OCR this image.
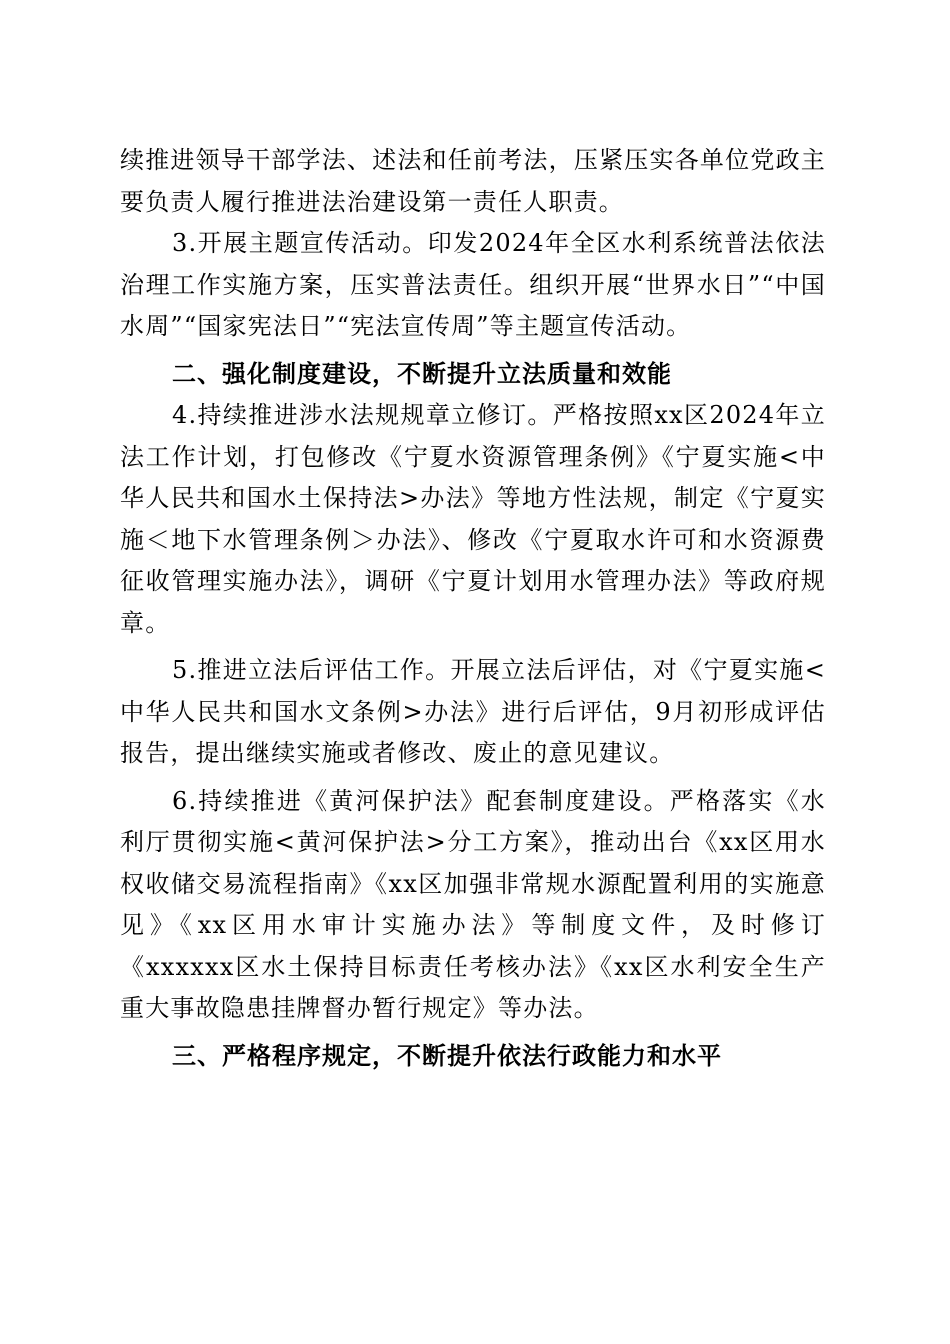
续推进领导干部学法、述法和任前考法，压紧压实各单位党政主要负责人履行推进法治建设第一责任人职责。

3.开展主题宣传活动。印发2024年全区水利系统普法依法治理工作实施方案，压实普法责任。组织开展“世界水日”“中国水周”“国家宪法日”“宪法宣传周”等主题宣传活动。

二、强化制度建设，不断提升立法质量和效能

4.持续推进涉水法规规章立修订。严格按照xx区2024年立法工作计划，打包修改《宁夏水资源管理条例》《宁夏实施<中华人民共和国水土保持法>办法》等地方性法规，制定《宁夏实施＜地下水管理条例＞办法》、修改《宁夏取水许可和水资源费征收管理实施办法》，调研《宁夏计划用水管理办法》等政府规章。

5.推进立法后评估工作。开展立法后评估，对《宁夏实施<中华人民共和国水文条例>办法》进行后评估，9月初形成评估报告，提出继续实施或者修改、废止的意见建议。

6.持续推进《黄河保护法》配套制度建设。严格落实《水利厅贯彻实施<黄河保护法>分工方案》，推动出台《xx区用水权收储交易流程指南》《xx区加强非常规水源配置利用的实施意见》《xx区用水审计实施办法》等制度文件，及时修订《xxxxxx区水土保持目标责任考核办法》《xx区水利安全生产重大事故隐患挂牌督办暂行规定》等办法。

三、严格程序规定，不断提升依法行政能力和水平
